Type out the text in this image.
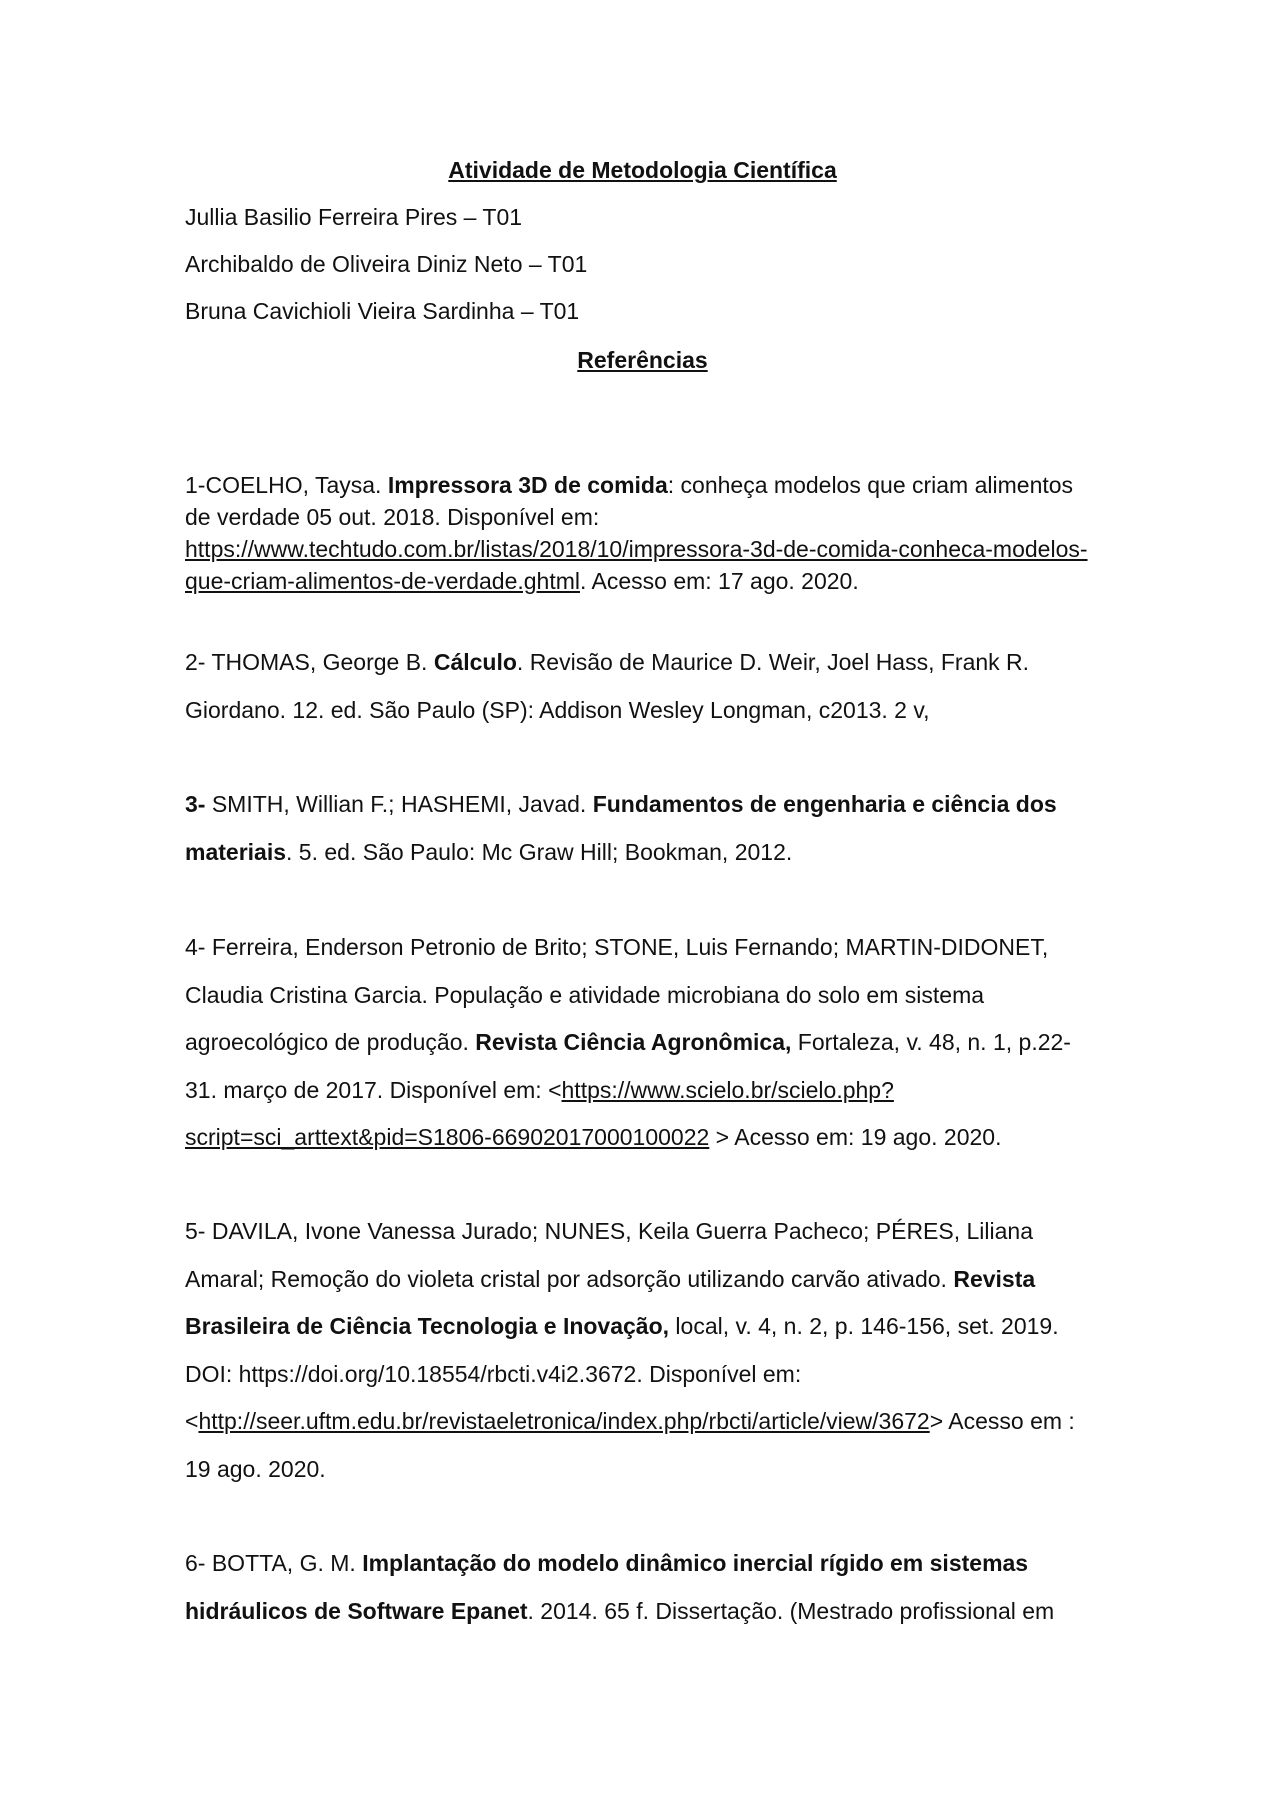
Atividade de Metodologia Científica
Jullia Basilio Ferreira Pires – T01
Archibaldo de Oliveira Diniz Neto – T01
Bruna Cavichioli Vieira Sardinha – T01
Referências
1-COELHO, Taysa. Impressora 3D de comida: conheça modelos que criam alimentos de verdade 05 out. 2018. Disponível em: https://www.techtudo.com.br/listas/2018/10/impressora-3d-de-comida-conheca-modelos-que-criam-alimentos-de-verdade.ghtml. Acesso em: 17 ago. 2020.
2- THOMAS, George B. Cálculo. Revisão de Maurice D. Weir, Joel Hass, Frank R. Giordano. 12. ed. São Paulo (SP): Addison Wesley Longman, c2013. 2 v,
3- SMITH, Willian F.; HASHEMI, Javad. Fundamentos de engenharia e ciência dos materiais. 5. ed. São Paulo: Mc Graw Hill; Bookman, 2012.
4- Ferreira, Enderson Petronio de Brito; STONE, Luis Fernando; MARTIN-DIDONET, Claudia Cristina Garcia. População e atividade microbiana do solo em sistema agroecológico de produção. Revista Ciência Agronômica, Fortaleza, v. 48, n. 1, p.22-31. março de 2017. Disponível em: <https://www.scielo.br/scielo.php?script=sci_arttext&pid=S1806-66902017000100022 > Acesso em: 19 ago. 2020.
5- DAVILA, Ivone Vanessa Jurado; NUNES, Keila Guerra Pacheco; PÉRES, Liliana Amaral; Remoção do violeta cristal por adsorção utilizando carvão ativado. Revista Brasileira de Ciência Tecnologia e Inovação, local, v. 4, n. 2, p. 146-156, set. 2019. DOI: https://doi.org/10.18554/rbcti.v4i2.3672. Disponível em: <http://seer.uftm.edu.br/revistaeletronica/index.php/rbcti/article/view/3672> Acesso em : 19 ago. 2020.
6- BOTTA, G. M. Implantação do modelo dinâmico inercial rígido em sistemas hidráulicos de Software Epanet. 2014. 65 f. Dissertação. (Mestrado profissional em
